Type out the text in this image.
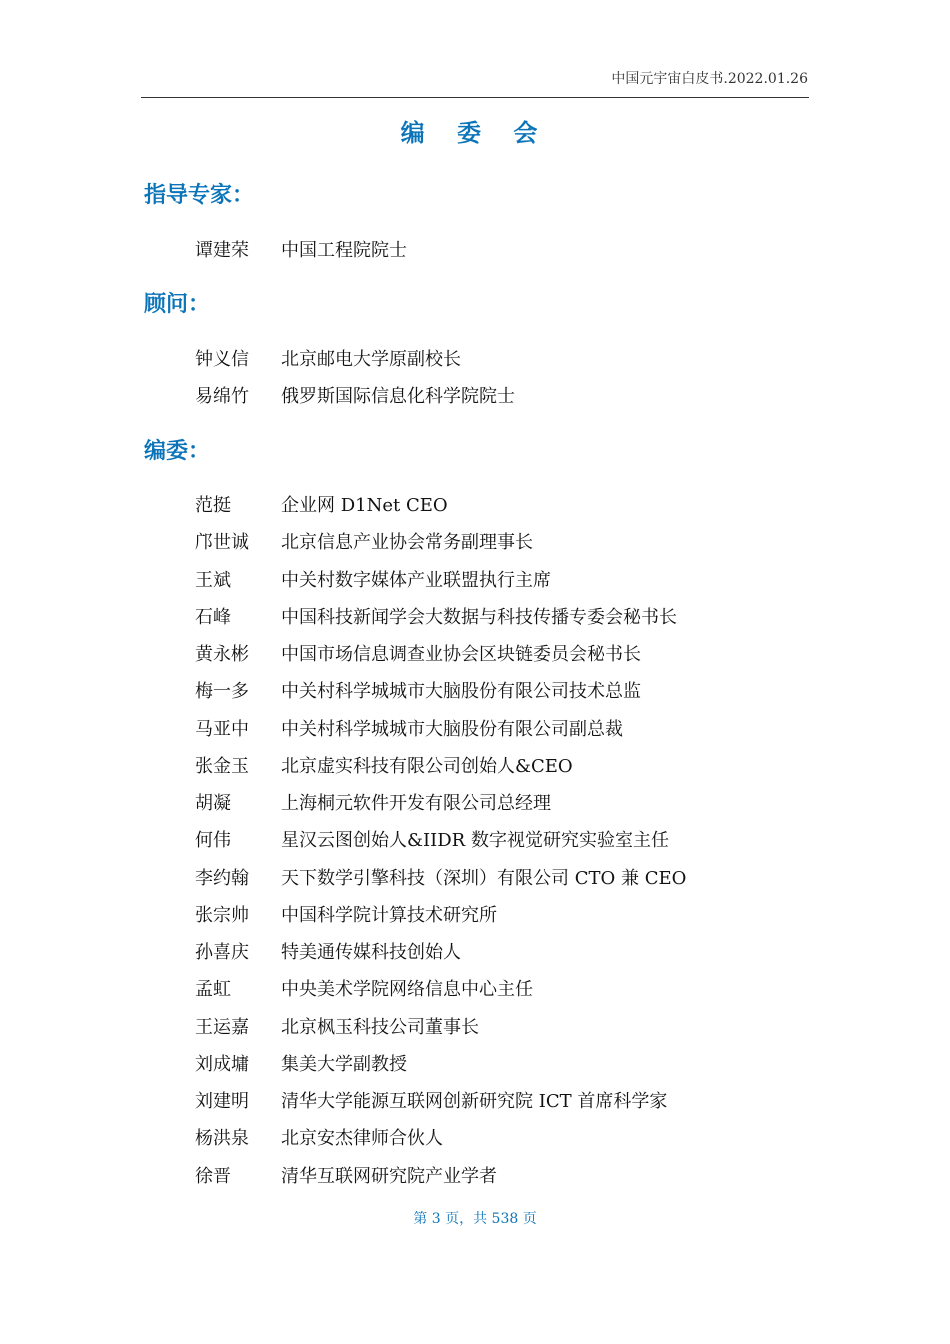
中国元宇宙白皮书.2022.01.26
编 委 会
指导专家：
谭建荣 中国工程院院士
顾问：
钟义信 北京邮电大学原副校长
易绵竹 俄罗斯国际信息化科学院院士
编委：
范挺	企业网 D1Net CEO
邝世诚 北京信息产业协会常务副理事长
王斌	中关村数字媒体产业联盟执行主席
石峰	中国科技新闻学会大数据与科技传播专委会秘书长
黄永彬 中国市场信息调查业协会区块链委员会秘书长
梅一多 中关村科学城城市大脑股份有限公司技术总监
马亚中 中关村科学城城市大脑股份有限公司副总裁
张金玉 北京虚实科技有限公司创始人&CEO
胡凝	上海桐元软件开发有限公司总经理
何伟	星汉云图创始人&IIDR 数字视觉研究实验室主任
李约翰 天下数学引擎科技（深圳）有限公司 CTO 兼 CEO
张宗帅 中国科学院计算技术研究所
孙喜庆 特美通传媒科技创始人
孟虹	中央美术学院网络信息中心主任
王运嘉 北京枫玉科技公司董事长
刘成墉 集美大学副教授
刘建明 清华大学能源互联网创新研究院 ICT 首席科学家
杨洪泉 北京安杰律师合伙人
徐晋	清华互联网研究院产业学者
第 3 页，共 538 页
